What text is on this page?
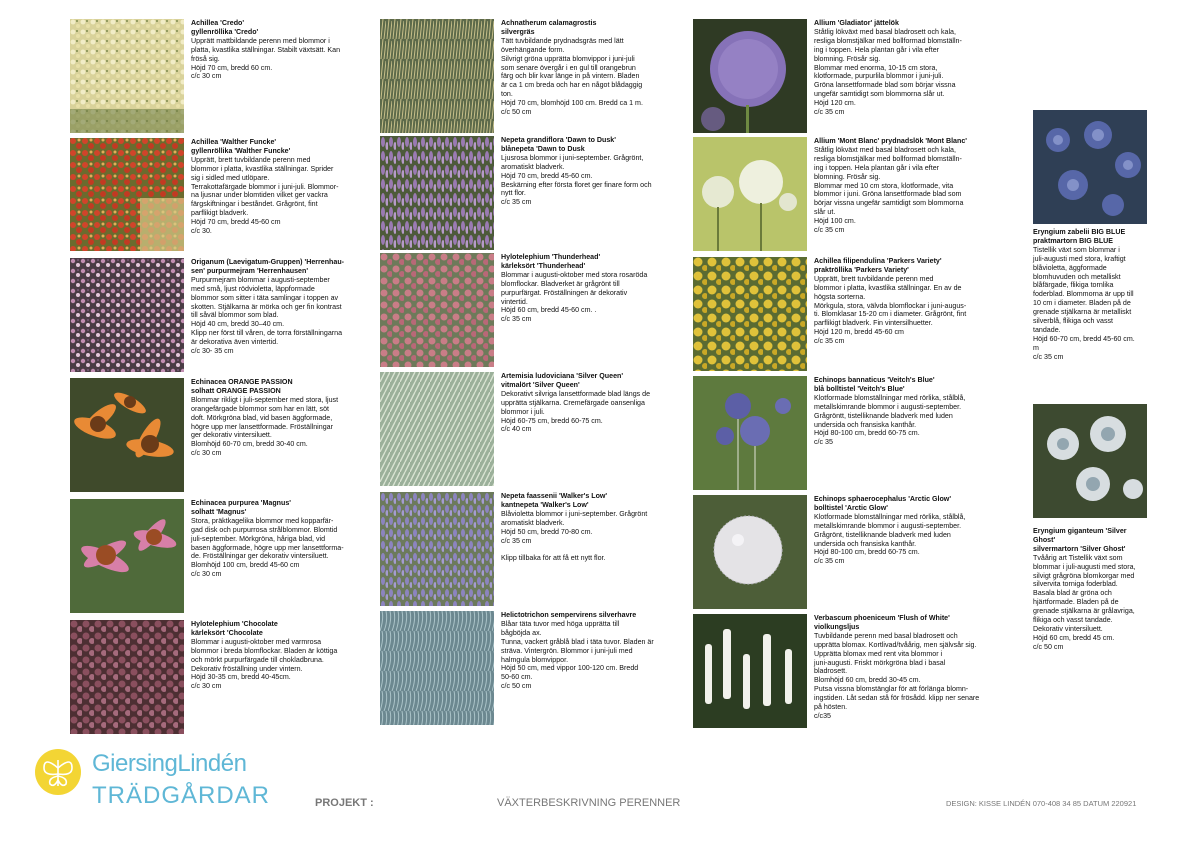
Achillea 'Credo'
gyllenröllika 'Credo'
Upprätt mattbildande perenn med blommor i
platta, kvastlika ställningar. Stabilt växtsätt. Kan
fröså sig.
Höjd 70 cm, bredd 60 cm.
c/c 30 cm
Achillea 'Walther Funcke'
gyllenröllika 'Walther Funcke'
Upprätt, brett tuvbildande perenn med
blommor i platta, kvastlika ställningar. Sprider
sig i sidled med utlöpare.
Terrakottafärgade blommor i juni-juli. Blommor-
na ljusnar under blomtiden vilket ger vackra
färgskiftningar i beståndet. Grågrönt, fint
parflikigt bladverk.
Höjd 70 cm, bredd 45-60 cm
c/c 30.
Origanum (Laevigatum-Gruppen) 'Herrenhau-
sen' purpurmejram 'Herrenhausen'
Purpurmejram blommar i augusti-september
med små, ljust rödvioletta, läppformade
blommor som sitter i täta samlingar i toppen av
skotten. Stjälkarna är mörka och ger fin kontrast
till såväl blommor som blad.
Höjd 40 cm, bredd 30–40 cm.
Klipp ner först till våren, de torra förställningarna
är dekorativa även vintertid.
c/c 30- 35 cm
Echinacea ORANGE PASSION
solhatt ORANGE PASSION
Blommar rikligt i juli-september med stora, ljust
orangefärgade blommor som har en lätt, söt
doft. Mörkgröna blad, vid basen äggformade,
högre upp mer lansettformade. Fröställningar
ger dekorativ vintersiluett.
Blomhöjd 60-70 cm, bredd 30-40 cm.
c/c 30 cm
Echinacea purpurea 'Magnus'
solhatt 'Magnus'
Stora, präktkagelika blommor med kopparfär-
gad disk och purpurrosa strålblommor. Blomtid
juli-september. Mörkgröna, håriga blad, vid
basen äggformade, högre upp mer lansettforma-
de. Fröställningar ger dekorativ vintersiluett.
Blomhöjd 100 cm, bredd 45-60 cm
c/c 30 cm
Hylotelephium 'Chocolate
kärleksört 'Chocolate
Blommar i augusti-oktober med varmrosa
blommor i breda blomflockar. Bladen är köttiga
och mörkt purpurfärgade till chokladbruna.
Dekorativ fröställning under vintern.
Höjd 30-35 cm, bredd 40-45cm.
c/c 30 cm
Achnatherum calamagrostis
silvergräs
Tätt tuvbildande prydnadsgräs med lätt
överhängande form.
Silvrigt gröna upprätta blomvippor i juni-juli
som senare övergår i en gul till orangebrun
färg och blir kvar länge in på vintern. Bladen
är ca 1 cm breda och har en något blådaggig
ton.
Höjd 70 cm, blomhöjd 100 cm. Bredd ca 1 m.
c/c 50 cm
Nepeta grandiflora 'Dawn to Dusk'
blånepeta 'Dawn to Dusk
Ljusrosa blommor i juni-september. Grågrönt,
aromatiskt bladverk.
Höjd 70 cm, bredd 45-60 cm.
Beskärning efter första floret ger finare form och
nytt flor.
c/c 35 cm
Hylotelephium 'Thunderhead'
kärleksört 'Thunderhead'
Blommar i augusti-oktober med stora rosaröda
blomflockar. Bladverket är grågrönt till
purpurfärgat. Fröställningen är dekorativ
vintertid.
Höjd 60 cm, bredd 45-60 cm. .
c/c 35 cm
Artemisia ludoviciana 'Silver Queen'
vitmalört 'Silver Queen'
Dekorativt silvriga lansettformade blad längs de
upprätta stjälkarna. Cremefärgade oansenliga
blommor i juli.
Höjd 60-75 cm, bredd 60-75 cm.
c/c 40 cm
Nepeta faassenii 'Walker's Low'
kantnepeta 'Walker's Low'
Blåvioletta blommor i juni-september. Grågrönt
aromatiskt bladverk.
Höjd 50 cm, bredd 70-80 cm.
c/c 35 cm

Klipp tillbaka för att få ett nytt flor.
Helictotrichon sempervirens silverhavre
Blåar täta tuvor med höga upprätta till
bågböjda ax.
Tunna, vackert gråblå blad i täta tuvor. Bladen är
sträva. Vintergrön. Blommor i juni-juli med
halmgula blomvippor.
Höjd 50 cm, med vippor 100-120 cm. Bredd
50-60 cm.
c/c 50 cm
Allium 'Gladiator' jättelök
Ståtlig lökväxt med basal bladrosett och kala,
resliga blomstjälkar med bollformad blomställn-
ing i toppen. Hela plantan går i vila efter
blomning. Frösår sig.
Blommar med enorma, 10-15 cm stora,
klotformade, purpurlila blommor i juni-juli.
Gröna lansettformade blad som börjar vissna
ungefär samtidigt som blommorna slår ut.
Höjd 120 cm.
c/c 35 cm
Allium 'Mont Blanc' prydnadslök 'Mont Blanc'
Ståtlig lökväxt med basal bladrosett och kala,
resliga blomstjälkar med bollformad blomställn-
ing i toppen. Hela plantan går i vila efter
blomning. Frösår sig.
Blommar med 10 cm stora, klotformade, vita
blommor i juni. Gröna lansettformade blad som
börjar vissna ungefär samtidigt som blommorna
slår ut.
Höjd 100 cm.
c/c 35 cm
Achillea filipendulina 'Parkers Variety'
praktröllika 'Parkers Variety'
Upprätt, brett tuvbildande perenn med
blommor i platta, kvastlika ställningar. En av de
högsta sorterna.
Mörkgula, stora, välvda blomflockar i juni-augus-
ti. Blomklasar 15-20 cm i diameter. Grågrönt, fint
parflikigt bladverk. Fin vintersilhuetter.
Höjd 120 m, bredd 45-60 cm
c/c 35 cm
Echinops bannaticus 'Veitch's Blue'
blå bolltistel 'Veitch's Blue'
Klotformade blomställningar med rörlika, stålblå,
metallskimrande blommor i augusti-september.
Grågröntt, tistelliknande bladverk med luden
undersida och fransiska kanthår.
Höjd 80-100 cm, bredd 60-75 cm.
c/c 35
Echinops sphaerocephalus 'Arctic Glow'
bolltistel 'Arctic Glow'
Klotformade blomställningar med rörlika, stålblå,
metallskimrande blommor i augusti-september.
Grågrönt, tistelliknande bladverk med luden
undersida och fransiska kanthår.
Höjd 80-100 cm, bredd 60-75 cm.
c/c 35 cm
Verbascum phoeniceum 'Flush of White'
violkungsljus
Tuvbildande perenn med basal bladrosett och
upprätta blomax. Kortlivad/tvåårig, men självsår sig.
Upprätta blomax med rent vita blommor i
juni-augusti. Friskt mörkgröna blad i basal
bladrosett.
Blomhöjd 60 cm, bredd 30-45 cm.
Putsa vissna blomstänglar för att förlänga blomn-
ingstiden. Låt sedan stå för frösådd. klipp ner senare
på hösten.
c/c35
Eryngium zabelii BIG BLUE
praktmartorn BIG BLUE
Tistellik växt som blommar i
juli-augusti med stora, kraftigt
blåvioletta, äggformade
blomhuvuden och metalliskt
blåfärgade, flikiga tornlika
foderblad. Blommorna är upp till
10 cm i diameter. Bladen på de
grenade stjälkarna är metalliskt
silverblå, flikiga och vasst
tandade.
Höjd 60-70 cm, bredd 45-60 cm.
m
c/c 35 cm
Eryngium giganteum 'Silver
Ghost'
silvermartorn 'Silver Ghost'
Tvåårig art Tistellik växt som
blommar i juli-augusti med stora,
silvigt grågröna blomkorgar med
silvervita torniga foderblad.
Basala blad är gröna och
hjärtformade. Bladen på de
grenade stjälkarna är grålavriga,
flikiga och vasst tandade.
Dekorativ vintersiluett.
Höjd 60 cm, bredd 45 cm.
c/c 50 cm
GiersingLindén
TRÄDGÅRDAR	PROJEKT :	VÄXTERBESKRIVNING PERENNER	DESIGN: KISSE LINDÉN 070-408 34 85 DATUM 220921
